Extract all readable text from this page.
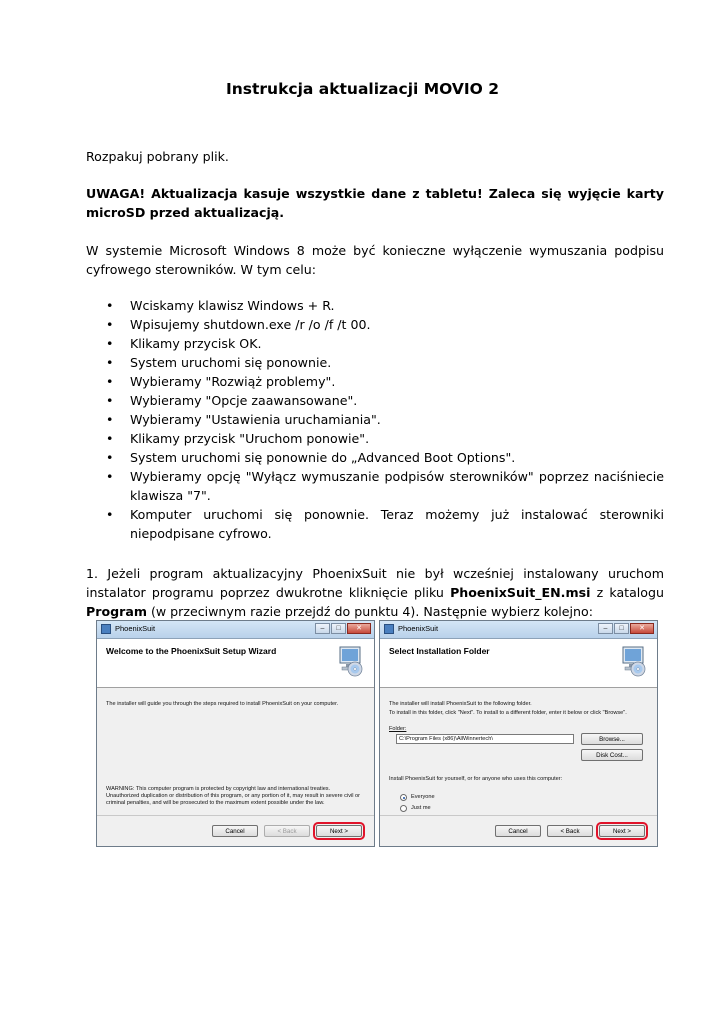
Instrukcja aktualizacji MOVIO 2
Rozpakuj pobrany plik.
UWAGA! Aktualizacja kasuje wszystkie dane z tabletu! Zaleca się wyjęcie karty microSD przed aktualizacją.
W systemie Microsoft Windows 8 może być konieczne wyłączenie wymuszania podpisu cyfrowego sterowników. W tym celu:
• Wciskamy klawisz Windows + R.
• Wpisujemy shutdown.exe /r /o /f /t 00.
• Klikamy przycisk OK.
• System uruchomi się ponownie.
• Wybieramy "Rozwiąż problemy".
• Wybieramy "Opcje zaawansowane".
• Wybieramy "Ustawienia uruchamiania".
• Klikamy przycisk "Uruchom ponowie".
• System uruchomi się ponownie do „Advanced Boot Options".
• Wybieramy opcję "Wyłącz wymuszanie podpisów sterowników" poprzez naciśniecie klawisza "7".
• Komputer uruchomi się ponownie. Teraz możemy już instalować sterowniki niepodpisane cyfrowo.
1. Jeżeli program aktualizacyjny PhoenixSuit nie był wcześniej instalowany uruchom instalator programu poprzez dwukrotne kliknięcie pliku PhoenixSuit_EN.msi z katalogu Program (w przeciwnym razie przejdź do punktu 4). Następnie wybierz kolejno:
PhoenixSuit	–	□	✕
Welcome to the PhoenixSuit Setup Wizard
The installer will guide you through the steps required to install PhoenixSuit on your computer.
WARNING: This computer program is protected by copyright law and international treaties. Unauthorized duplication or distribution of this program, or any portion of it, may result in severe civil or criminal penalties, and will be prosecuted to the maximum extent possible under the law.
Cancel	< Back	Next >
PhoenixSuit	–	□	✕
Select Installation Folder
The installer will install PhoenixSuit to the following folder.
To install in this folder, click "Next". To install to a different folder, enter it below or click "Browse".
Folder:
C:\Program Files (x86)\AllWinnertech\	Browse...
Disk Cost...
Install PhoenixSuit for yourself, or for anyone who uses this computer:
Everyone
Just me
Cancel	< Back	Next >
